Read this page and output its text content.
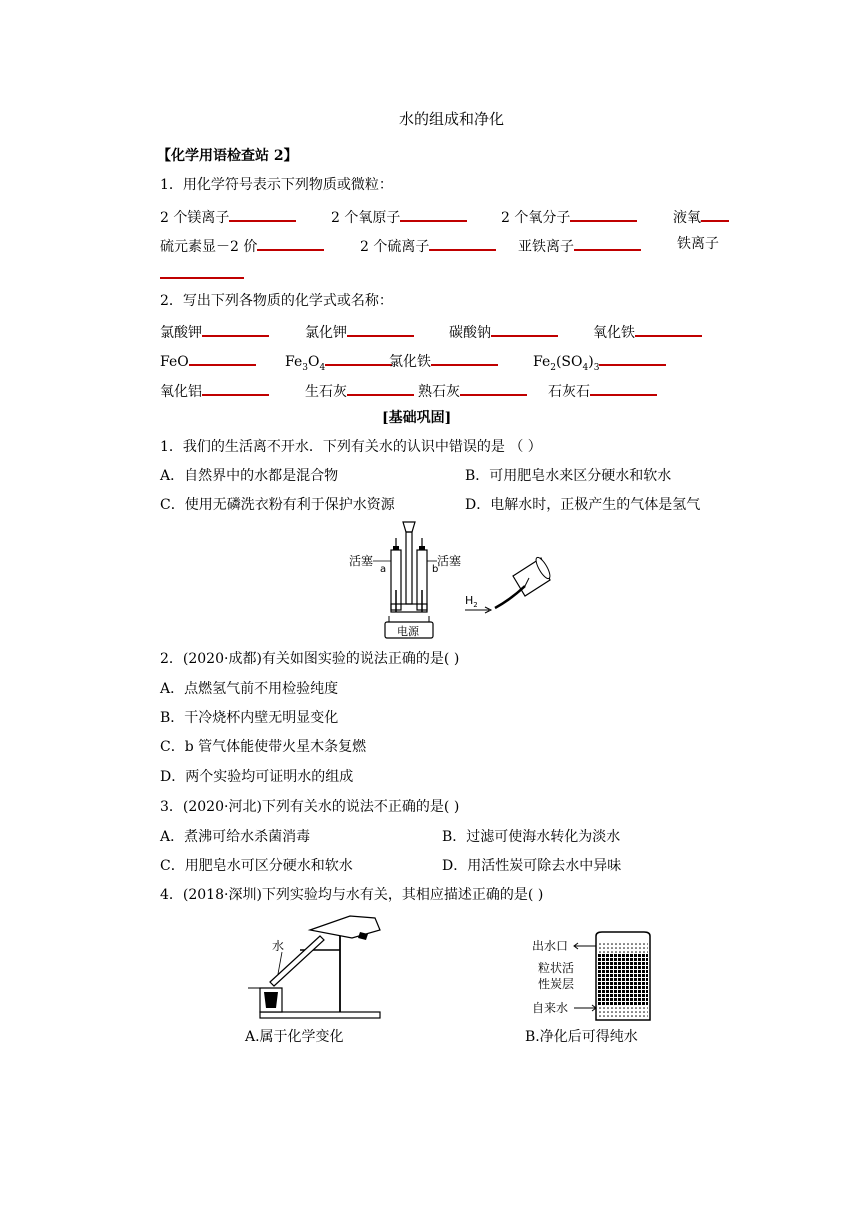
水的组成和净化
【化学用语检查站 2】
1．用化学符号表示下列物质或微粒：
2 个镁离子	2 个氧原子	2 个氧分子	液氧
硫元素显－2 价	2 个硫离子	亚铁离子	铁离子
2．写出下列各物质的化学式或名称：
氯酸钾	氯化钾	碳酸钠	氧化铁
FeO	$Fe_3O_4$	氯化铁	$Fe_2(SO_4)_3$
氧化铝	生石灰	熟石灰	石灰石
[基础巩固]
1．我们的生活离不开水．下列有关水的认识中错误的是 （ ）
A．自然界中的水都是混合物	B．可用肥皂水来区分硬水和软水
C．使用无磷洗衣粉有利于保护水资源	D．电解水时，正极产生的气体是氢气
电源
活塞
a
活塞
b
$H_2$
2．(2020·成都)有关如图实验的说法正确的是( )
A．点燃氢气前不用检验纯度
B．干冷烧杯内壁无明显变化
C．b 管气体能使带火星木条复燃
D．两个实验均可证明水的组成
3．(2020·河北)下列有关水的说法不正确的是( )
A．煮沸可给水杀菌消毒	B．过滤可使海水转化为淡水
C．用肥皂水可区分硬水和软水	D．用活性炭可除去水中异味
4．(2018·深圳)下列实验均与水有关，其相应描述正确的是( )
水
A.属于化学变化
出水口
粒状活
性炭层
自来水
B.净化后可得纯水
